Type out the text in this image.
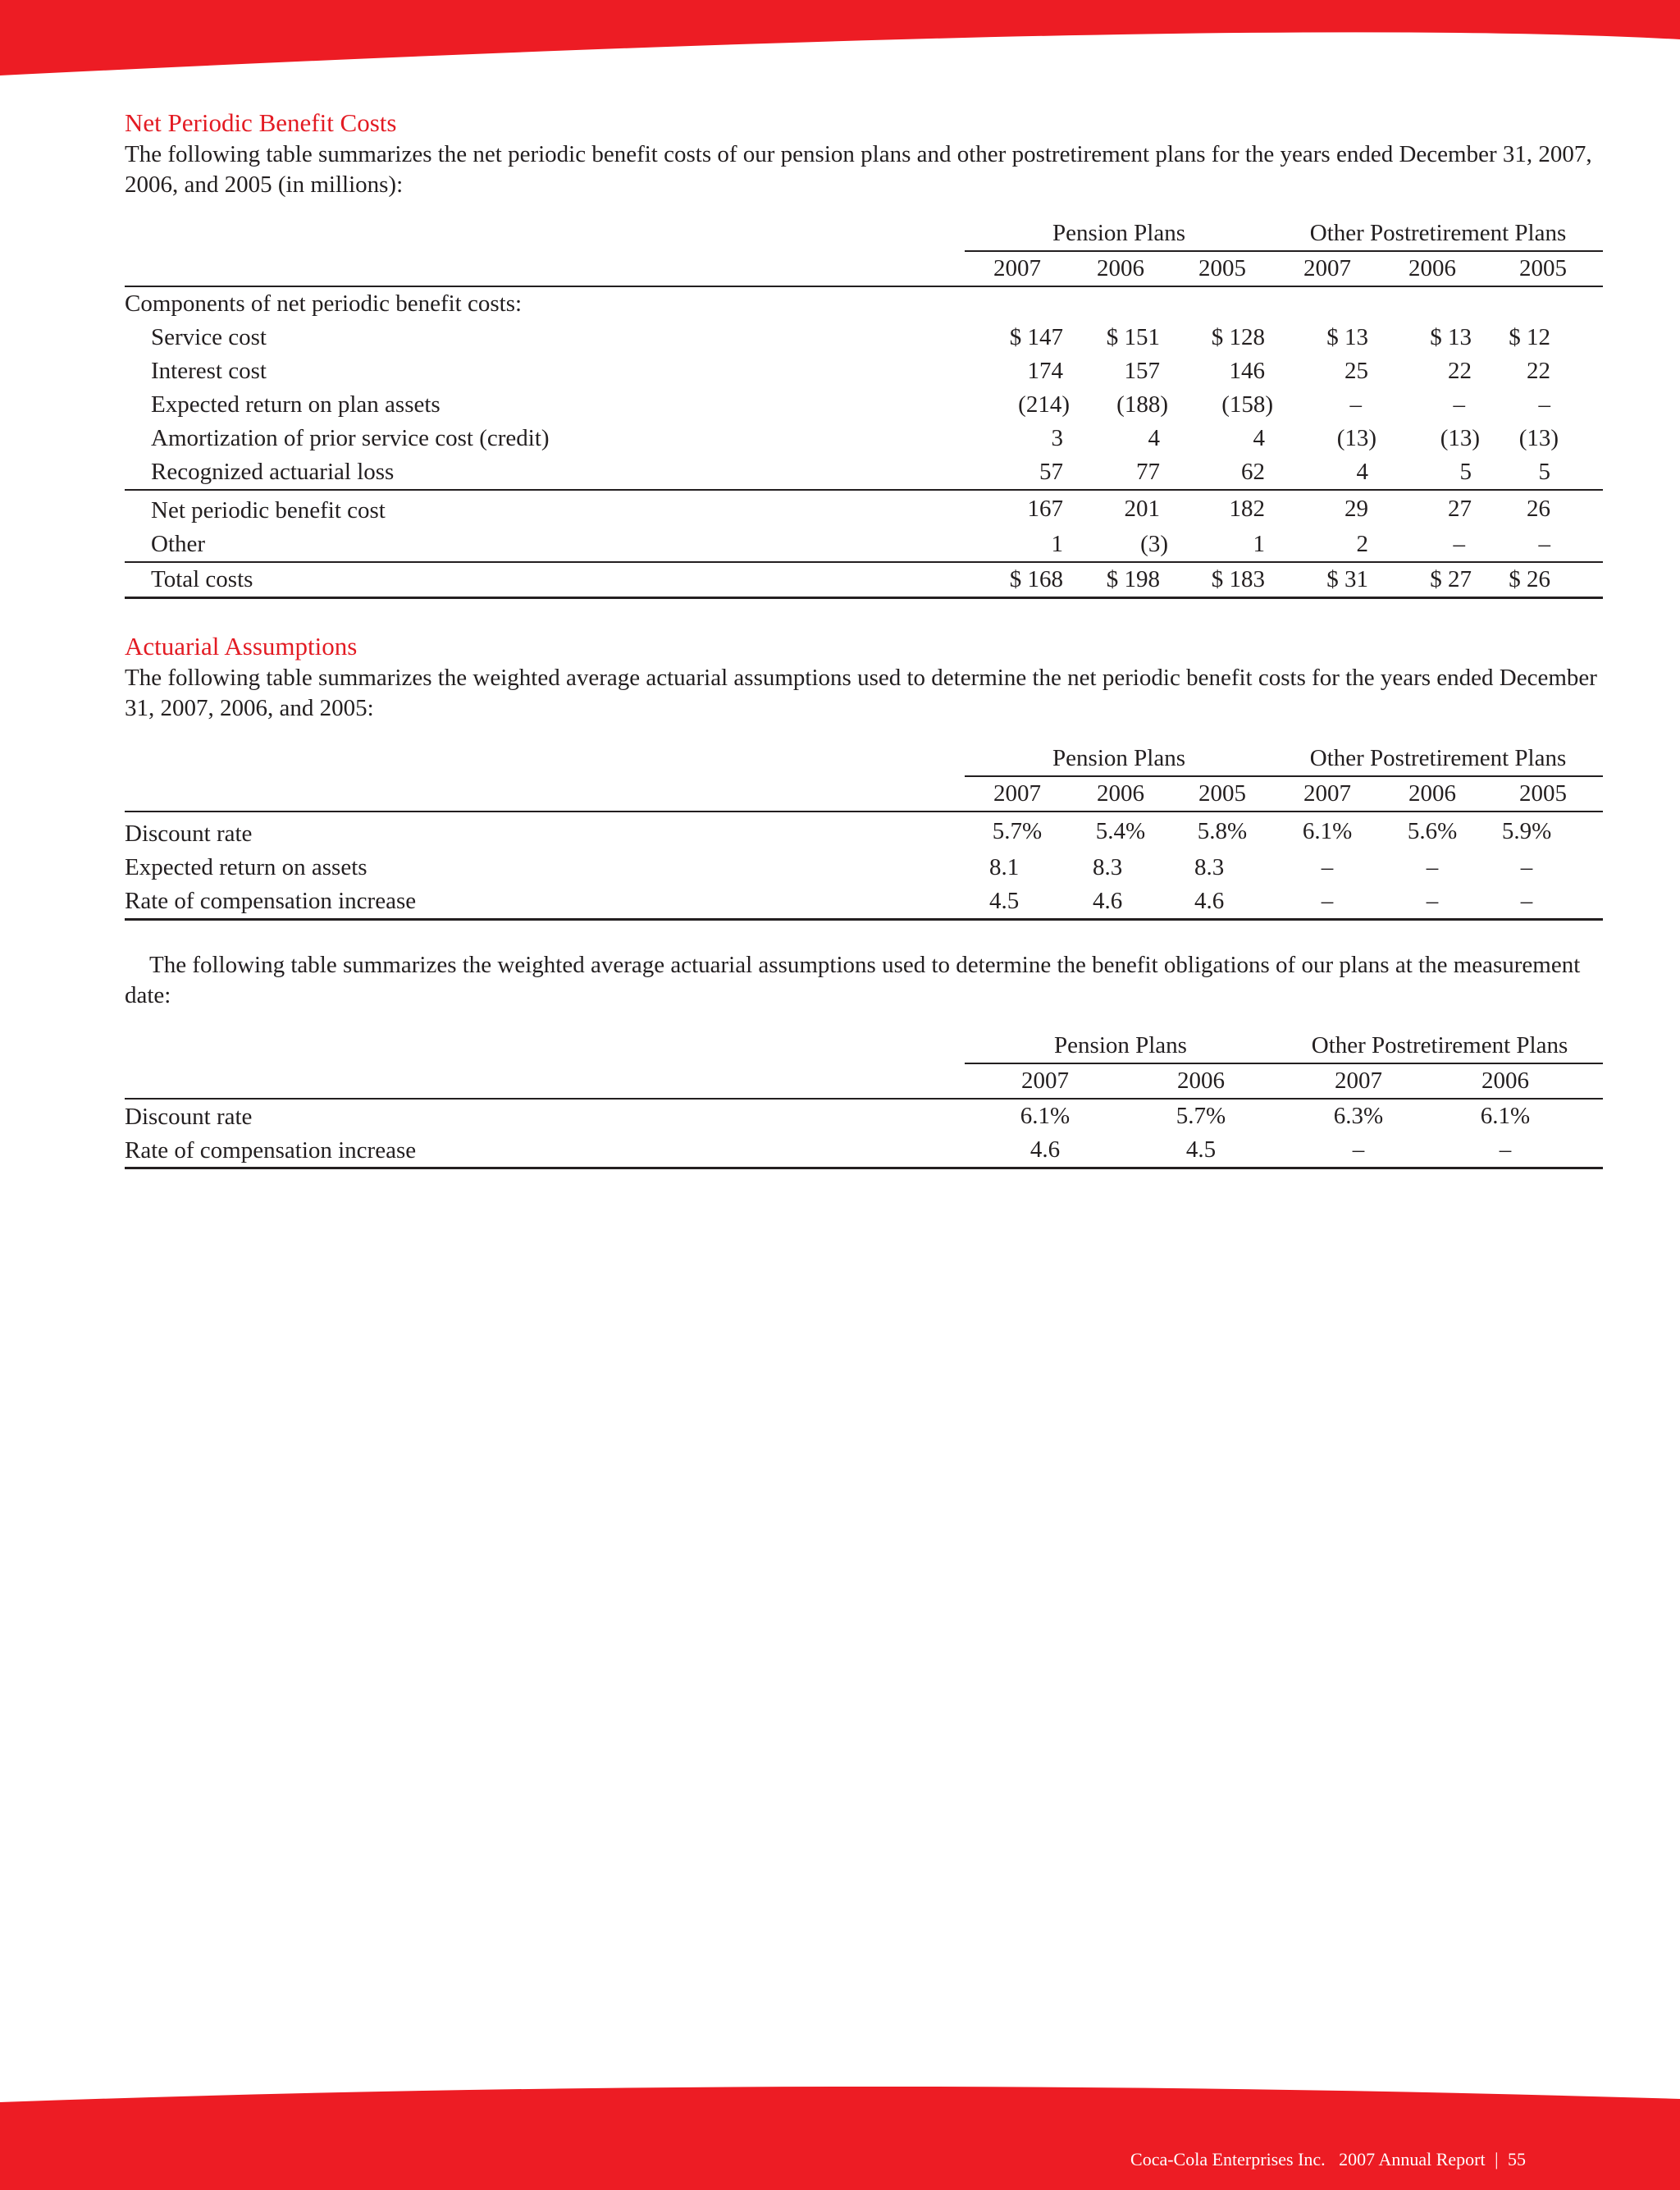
Net Periodic Benefit Costs

The following table summarizes the net periodic benefit costs of our pension plans and other postretirement plans for the years ended December 31, 2007, 2006, and 2005 (in millions):

	Pension Plans			Other Postretirement Plans		
	2007	2006	2005	2007	2006	2005
Components of net periodic benefit costs:						
Service cost	$ 147	$ 151	$ 128	$ 13	$ 13	$ 12
Interest cost	174	157	146	25	22	22
Expected return on plan assets	(214)	(188)	(158)	–	–	–
Amortization of prior service cost (credit)	3	4	4	(13)	(13)	(13)
Recognized actuarial loss	57	77	62	4	5	5
Net periodic benefit cost	167	201	182	29	27	26
Other	1	(3)	1	2	–	–
Total costs	$ 168	$ 198	$ 183	$ 31	$ 27	$ 26
Actuarial Assumptions

The following table summarizes the weighted average actuarial assumptions used to determine the net periodic benefit costs for the years ended December 31, 2007, 2006, and 2005:

	Pension Plans			Other Postretirement Plans		
	2007	2006	2005	2007	2006	2005
Discount rate	5.7%	5.4%	5.8%	6.1%	5.6%	5.9%
Expected return on assets	8.1	8.3	8.3	–	–	–
Rate of compensation increase	4.5	4.6	4.6	–	–	–

The following table summarizes the weighted average actuarial assumptions used to determine the benefit obligations of our plans at the measurement date:

	Pension Plans		Other Postretirement Plans	
	2007	2006	2007	2006
Discount rate	6.1%	5.7%	6.3%	6.1%
Rate of compensation increase	4.6	4.5	–	–
Coca-Cola Enterprises Inc. 2007 Annual Report | 55
